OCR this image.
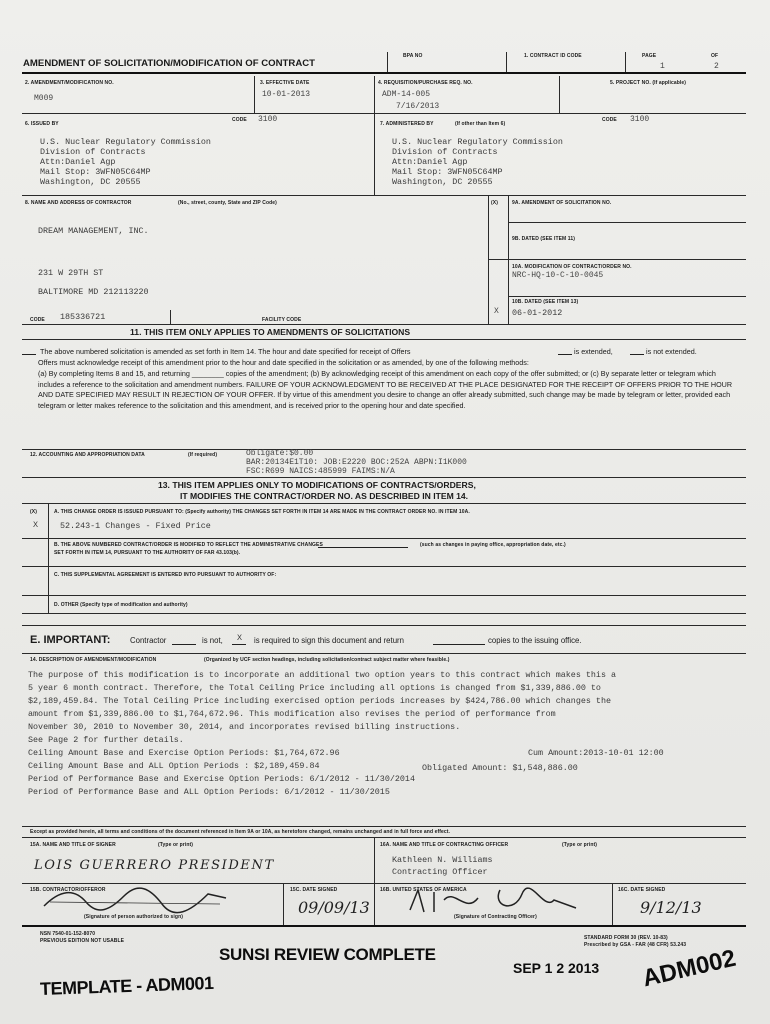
AMENDMENT OF SOLICITATION/MODIFICATION OF CONTRACT
BPA NO	1. CONTRACT ID CODE	PAGE	OF
1	2
2. AMENDMENT/MODIFICATION NO.
M009
3. EFFECTIVE DATE
10-01-2013
4. REQUISITION/PURCHASE REQ. NO.
ADM-14-005
7/16/2013
5. PROJECT NO. (If applicable)
6. ISSUED BY
CODE 3100
U.S. Nuclear Regulatory Commission
Division of Contracts
Attn:Daniel Agp
Mail Stop: 3WFN05C64MP
Washington, DC 20555
7. ADMINISTERED BY	(If other than Item 6)
CODE 3100
U.S. Nuclear Regulatory Commission
Division of Contracts
Attn:Daniel Agp
Mail Stop: 3WFN05C64MP
Washington, DC 20555
8. NAME AND ADDRESS OF CONTRACTOR	(No., street, county, State and ZIP Code)
DREAM MANAGEMENT, INC.
231 W 29TH ST
BALTIMORE MD 212113220
CODE 185336721	FACILITY CODE
(X)	9A. AMENDMENT OF SOLICITATION NO.
9B. DATED (SEE ITEM 11)
10A. MODIFICATION OF CONTRACT/ORDER NO.
NRC-HQ-10-C-10-0045
X
10B. DATED (SEE ITEM 13)
06-01-2012
11. THIS ITEM ONLY APPLIES TO AMENDMENTS OF SOLICITATIONS
The above numbered solicitation is amended as set forth in Item 14. The hour and date specified for receipt of Offers	is extended,	is not extended.
Offers must acknowledge receipt of this amendment prior to the hour and date specified in the solicitation or as amended, by one of the following methods:
(a) By completing Items 8 and 15, and returning ________ copies of the amendment; (b) By acknowledging receipt of this amendment on each copy of the offer submitted; or (c) By separate letter or telegram which includes a reference to the solicitation and amendment numbers. FAILURE OF YOUR ACKNOWLEDGMENT TO BE RECEIVED AT THE PLACE DESIGNATED FOR THE RECEIPT OF OFFERS PRIOR TO THE HOUR AND DATE SPECIFIED MAY RESULT IN REJECTION OF YOUR OFFER. If by virtue of this amendment you desire to change an offer already submitted, such change may be made by telegram or letter, provided each telegram or letter makes reference to the solicitation and this amendment, and is received prior to the opening hour and date specified.
12. ACCOUNTING AND APPROPRIATION DATA	(If required)	Obligate:$0.00
BAR:20134E1T10: JOB:E2220 BOC:252A ABPN:I1K000
FSC:R699 NAICS:485999 FAIMS:N/A
13. THIS ITEM APPLIES ONLY TO MODIFICATIONS OF CONTRACTS/ORDERS,
IT MODIFIES THE CONTRACT/ORDER NO. AS DESCRIBED IN ITEM 14.
(X)	A. THIS CHANGE ORDER IS ISSUED PURSUANT TO: (Specify authority) THE CHANGES SET FORTH IN ITEM 14 ARE MADE IN THE CONTRACT ORDER NO. IN ITEM 10A.
X	52.243-1 Changes - Fixed Price
B. THE ABOVE NUMBERED CONTRACT/ORDER IS MODIFIED TO REFLECT THE ADMINISTRATIVE CHANGES	(such as changes in paying office, appropriation date, etc.)
SET FORTH IN ITEM 14, PURSUANT TO THE AUTHORITY OF FAR 43.103(b).
C. THIS SUPPLEMENTAL AGREEMENT IS ENTERED INTO PURSUANT TO AUTHORITY OF:
D. OTHER (Specify type of modification and authority)
E. IMPORTANT:	Contractor	is not, X is required to sign this document and return	copies to the issuing office.
14. DESCRIPTION OF AMENDMENT/MODIFICATION	(Organized by UCF section headings, including solicitation/contract subject matter where feasible.)
The purpose of this modification is to incorporate an additional two option years to this contract which makes this a
5 year 6 month contract. Therefore, the Total Ceiling Price including all options is changed from $1,339,886.00 to
$2,189,459.84. The Total Ceiling Price including exercised option periods increases by $424,786.00 which changes the
amount from $1,339,886.00 to $1,764,672.96. This modification also revises the period of performance from
November 30, 2010 to November 30, 2014, and incorporates revised billing instructions.
See Page 2 for further details.
Ceiling Amount Base and Exercise Option Periods: $1,764,672.96	Cum Amount:2013-10-01 12:00
Ceiling Amount Base and ALL Option Periods : $2,189,459.84	Obligated Amount: $1,548,886.00
Period of Performance Base and Exercise Option Periods: 6/1/2012 - 11/30/2014
Period of Performance Base and ALL Option Periods: 6/1/2012 - 11/30/2015
Except as provided herein, all terms and conditions of the document referenced in Item 9A or 10A, as heretofore changed, remains unchanged and in full force and effect.
15A. NAME AND TITLE OF SIGNER	(Type or print)
LOIS GUERRERO PRESIDENT
16A. NAME AND TITLE OF CONTRACTING OFFICER	(Type or print)
Kathleen N. Williams
Contracting Officer
15B. CONTRACTOR/OFFEROR
(Signature of person authorized to sign)
15C. DATE SIGNED
09/09/13
16B. UNITED STATES OF AMERICA
(Signature of Contracting Officer)
16C. DATE SIGNED
9/12/13
NSN 7540-01-152-8070
PREVIOUS EDITION NOT USABLE	STANDARD FORM 30 (REV. 10-83)
Prescribed by GSA - FAR (48 CFR) 53.243
SUNSI REVIEW COMPLETE
SEP 1 2 2013
TEMPLATE - ADM001	ADM002
